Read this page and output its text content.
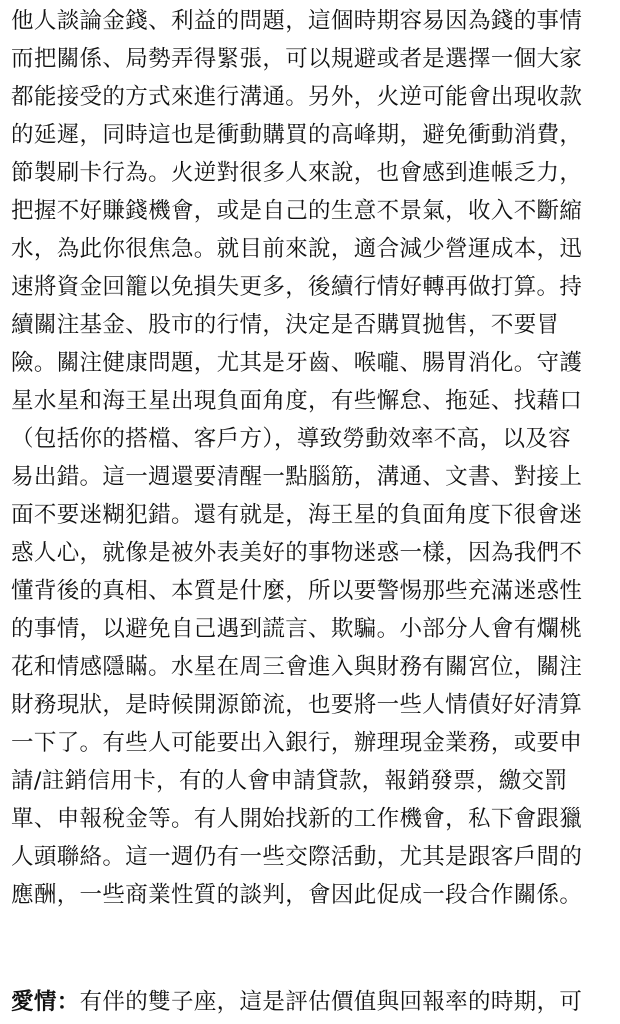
他人談論金錢、利益的問題，這個時期容易因為錢的事情
而把關係、局勢弄得緊張，可以規避或者是選擇一個大家
都能接受的方式來進行溝通。另外，火逆可能會出現收款
的延遲，同時這也是衝動購買的高峰期，避免衝動消費，
節製刷卡行為。火逆對很多人來說，也會感到進帳乏力，
把握不好賺錢機會，或是自己的生意不景氣，收入不斷縮
水，為此你很焦急。就目前來說，適合減少營運成本，迅
速將資金回籠以免損失更多，後續行情好轉再做打算。持
續關注基金、股市的行情，決定是否購買拋售，不要冒
險。關注健康問題，尤其是牙齒、喉嚨、腸胃消化。守護
星水星和海王星出現負面角度，有些懈怠、拖延、找藉口
（包括你的搭檔、客戶方），導致勞動效率不高，以及容
易出錯。這一週還要清醒一點腦筋，溝通、文書、對接上
面不要迷糊犯錯。還有就是，海王星的負面角度下很會迷
惑人心，就像是被外表美好的事物迷惑一樣，因為我們不
懂背後的真相、本質是什麼，所以要警惕那些充滿迷惑性
的事情，以避免自己遇到謊言、欺騙。小部分人會有爛桃
花和情感隱瞞。水星在周三會進入與財務有關宮位，關注
財務現狀，是時候開源節流，也要將一些人情債好好清算
一下了。有些人可能要出入銀行，辦理現金業務，或要申
請/註銷信用卡，有的人會申請貸款，報銷發票，繳交罰
單、申報稅金等。有人開始找新的工作機會，私下會跟獵
人頭聯絡。這一週仍有一些交際活動，尤其是跟客戶間的
應酬，一些商業性質的談判，會因此促成一段合作關係。
愛情：有伴的雙子座，這是評估價值與回報率的時期，可
